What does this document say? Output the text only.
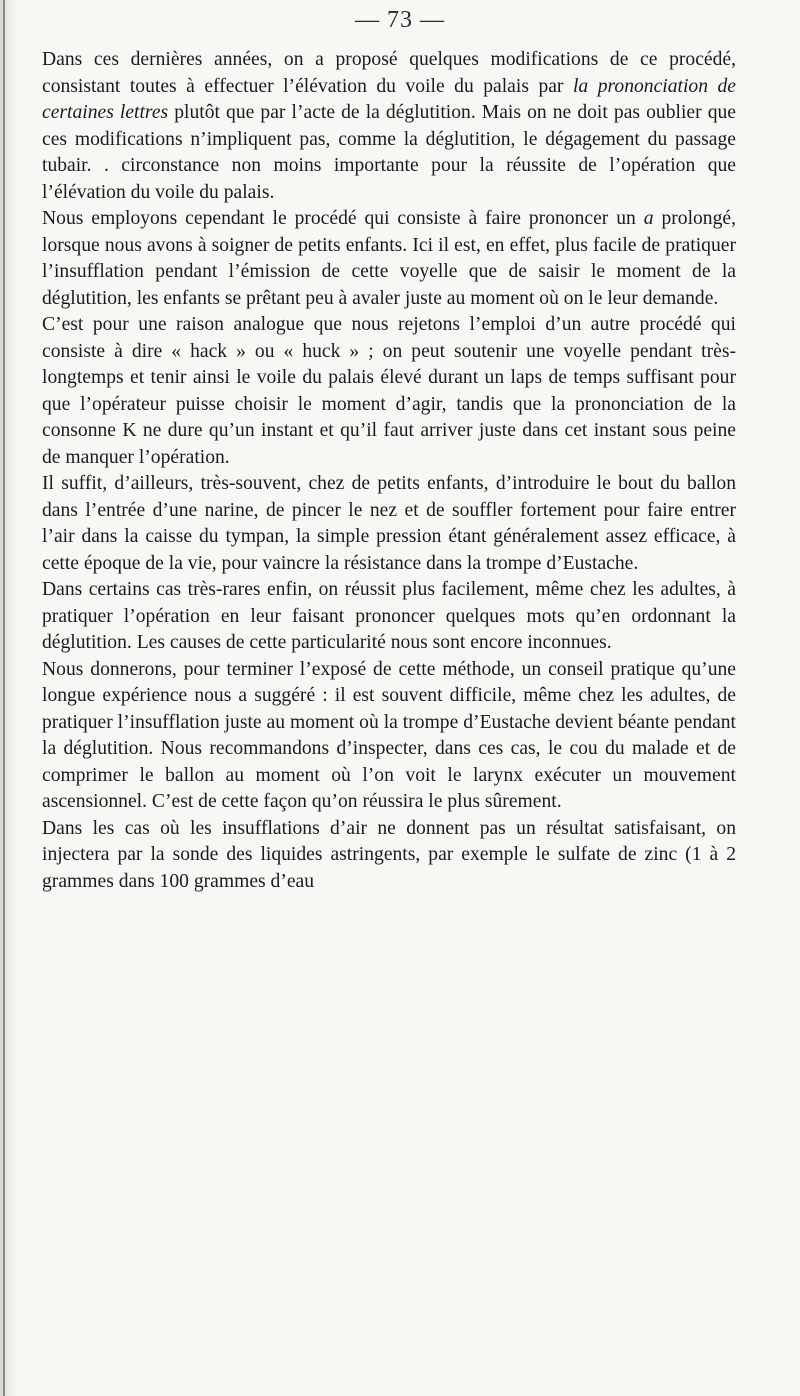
— 73 —

Dans ces dernières années, on a proposé quelques modifications de ce procédé, consistant toutes à effectuer l’élévation du voile du palais par la prononciation de certaines lettres plutôt que par l’acte de la déglutition. Mais on ne doit pas oublier que ces modifications n’impliquent pas, comme la déglutition, le dégagement du passage tubair. . circonstance non moins importante pour la réussite de l’opération que l’élévation du voile du palais.

Nous employons cependant le procédé qui consiste à faire prononcer un a prolongé, lorsque nous avons à soigner de petits enfants. Ici il est, en effet, plus facile de pratiquer l’insufflation pendant l’émission de cette voyelle que de saisir le moment de la déglutition, les enfants se prêtant peu à avaler juste au moment où on le leur demande.

C’est pour une raison analogue que nous rejetons l’emploi d’un autre procédé qui consiste à dire « hack » ou « huck » ; on peut soutenir une voyelle pendant très-longtemps et tenir ainsi le voile du palais élevé durant un laps de temps suffisant pour que l’opérateur puisse choisir le moment d’agir, tandis que la prononciation de la consonne K ne dure qu’un instant et qu’il faut arriver juste dans cet instant sous peine de manquer l’opération.

Il suffit, d’ailleurs, très-souvent, chez de petits enfants, d’introduire le bout du ballon dans l’entrée d’une narine, de pincer le nez et de souffler fortement pour faire entrer l’air dans la caisse du tympan, la simple pression étant généralement assez efficace, à cette époque de la vie, pour vaincre la résistance dans la trompe d’Eustache.

Dans certains cas très-rares enfin, on réussit plus facilement, même chez les adultes, à pratiquer l’opération en leur faisant prononcer quelques mots qu’en ordonnant la déglutition. Les causes de cette particularité nous sont encore inconnues.

Nous donnerons, pour terminer l’exposé de cette méthode, un conseil pratique qu’une longue expérience nous a suggéré : il est souvent difficile, même chez les adultes, de pratiquer l’insufflation juste au moment où la trompe d’Eustache devient béante pendant la déglutition. Nous recommandons d’inspecter, dans ces cas, le cou du malade et de comprimer le ballon au moment où l’on voit le larynx exécuter un mouvement ascensionnel. C’est de cette façon qu’on réussira le plus sûrement.

Dans les cas où les insufflations d’air ne donnent pas un résultat satisfaisant, on injectera par la sonde des liquides astringents, par exemple le sulfate de zinc (1 à 2 grammes dans 100 grammes d’eau
